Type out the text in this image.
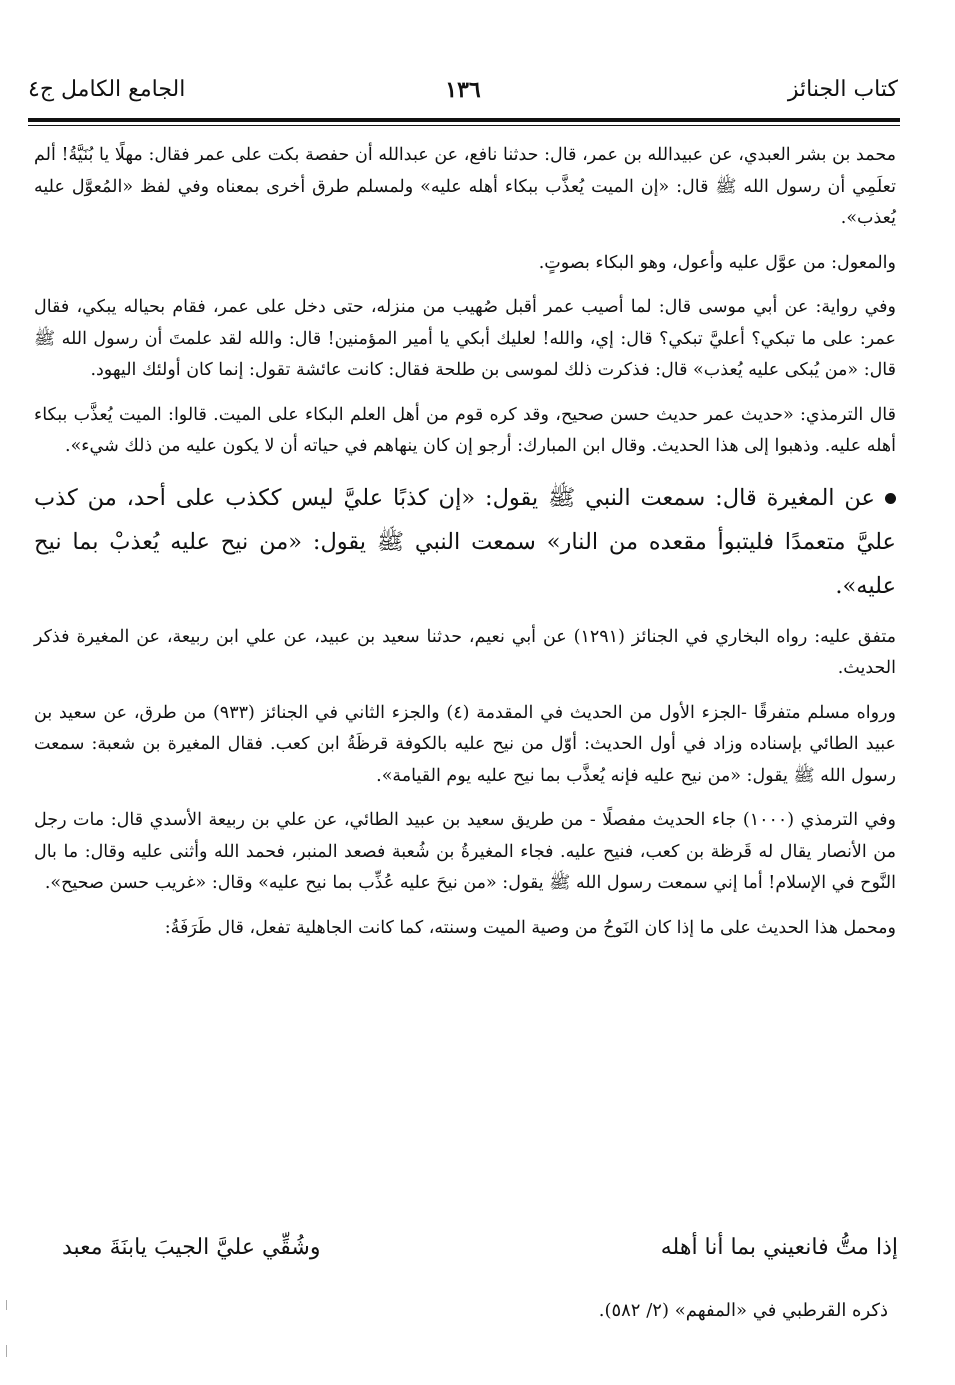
كتاب الجنائز
١٣٦
الجامع الكامل ج٤

محمد بن بشر العبدي، عن عبيدالله بن عمر، قال: حدثنا نافع، عن عبدالله أن حفصة بكت على عمر فقال: مهلًا يا بُنَيَّةُ! ألم تعلَمِي أن رسول الله ﷺ قال: «إن الميت يُعذَّب ببكاء أهله عليه» ولمسلم طرق أخرى بمعناه وفي لفظ «المُعوَّل عليه يُعذب».

والمعول: من عوَّل عليه وأعول، وهو البكاء بصوتٍ.

وفي رواية: عن أبي موسى قال: لما أصيب عمر أقبل صُهيب من منزله، حتى دخل على عمر، فقام بحياله يبكي، فقال عمر: على ما تبكي؟ أعليَّ تبكي؟ قال: إي، والله! لعليك أبكي يا أمير المؤمنين! قال: والله لقد علمتَ أن رسول الله ﷺ قال: «من يُبكى عليه يُعذب» قال: فذكرت ذلك لموسى بن طلحة فقال: كانت عائشة تقول: إنما كان أولئك اليهود.

قال الترمذي: «حديث عمر حديث حسن صحيح، وقد كره قوم من أهل العلم البكاء على الميت. قالوا: الميت يُعذَّب ببكاء أهله عليه. وذهبوا إلى هذا الحديث. وقال ابن المبارك: أرجو إن كان ينهاهم في حياته أن لا يكون عليه من ذلك شيء».

عن المغيرة قال: سمعت النبي ﷺ يقول: «إن كذبًا عليَّ ليس ككذب على أحد، من كذب عليَّ متعمدًا فليتبوأ مقعده من النار» سمعت النبي ﷺ يقول: «من نيح عليه يُعذبْ بما نيح عليه».

متفق عليه: رواه البخاري في الجنائز (١٢٩١) عن أبي نعيم، حدثنا سعيد بن عبيد، عن علي ابن ربيعة، عن المغيرة فذكر الحديث.

ورواه مسلم متفرقًا -الجزء الأول من الحديث في المقدمة (٤) والجزء الثاني في الجنائز (٩٣٣) من طرق، عن سعيد بن عبيد الطائي بإسناده وزاد في أول الحديث: أوّل من نيح عليه بالكوفة قرظَةُ ابن كعب. فقال المغيرة بن شعبة: سمعت رسول الله ﷺ يقول: «من نيح عليه فإنه يُعذَّب بما نيح عليه يوم القيامة».

وفي الترمذي (١٠٠٠) جاء الحديث مفصلًا - من طريق سعيد بن عبيد الطائي، عن علي بن ربيعة الأسدي قال: مات رجل من الأنصار يقال له قَرظة بن كعب، فنيح عليه. فجاء المغيرةُ بن شُعبة فصعد المنبر، فحمد الله وأثنى عليه وقال: ما بال النَّوح في الإسلام! أما إني سمعت رسول الله ﷺ يقول: «من نيحَ عليه عُذِّب بما نيح عليه» وقال: «غريب حسن صحيح».

ومحمل هذا الحديث على ما إذا كان النَوحُ من وصية الميت وسنته، كما كانت الجاهلية تفعل، قال طَرَفَةُ:

إذا متُّ فانعيني بما أنا أهله
وشُقِّي عليَّ الجيبَ يابنَةَ معبد
ذكره القرطبي في «المفهم» (٢/ ٥٨٢).
